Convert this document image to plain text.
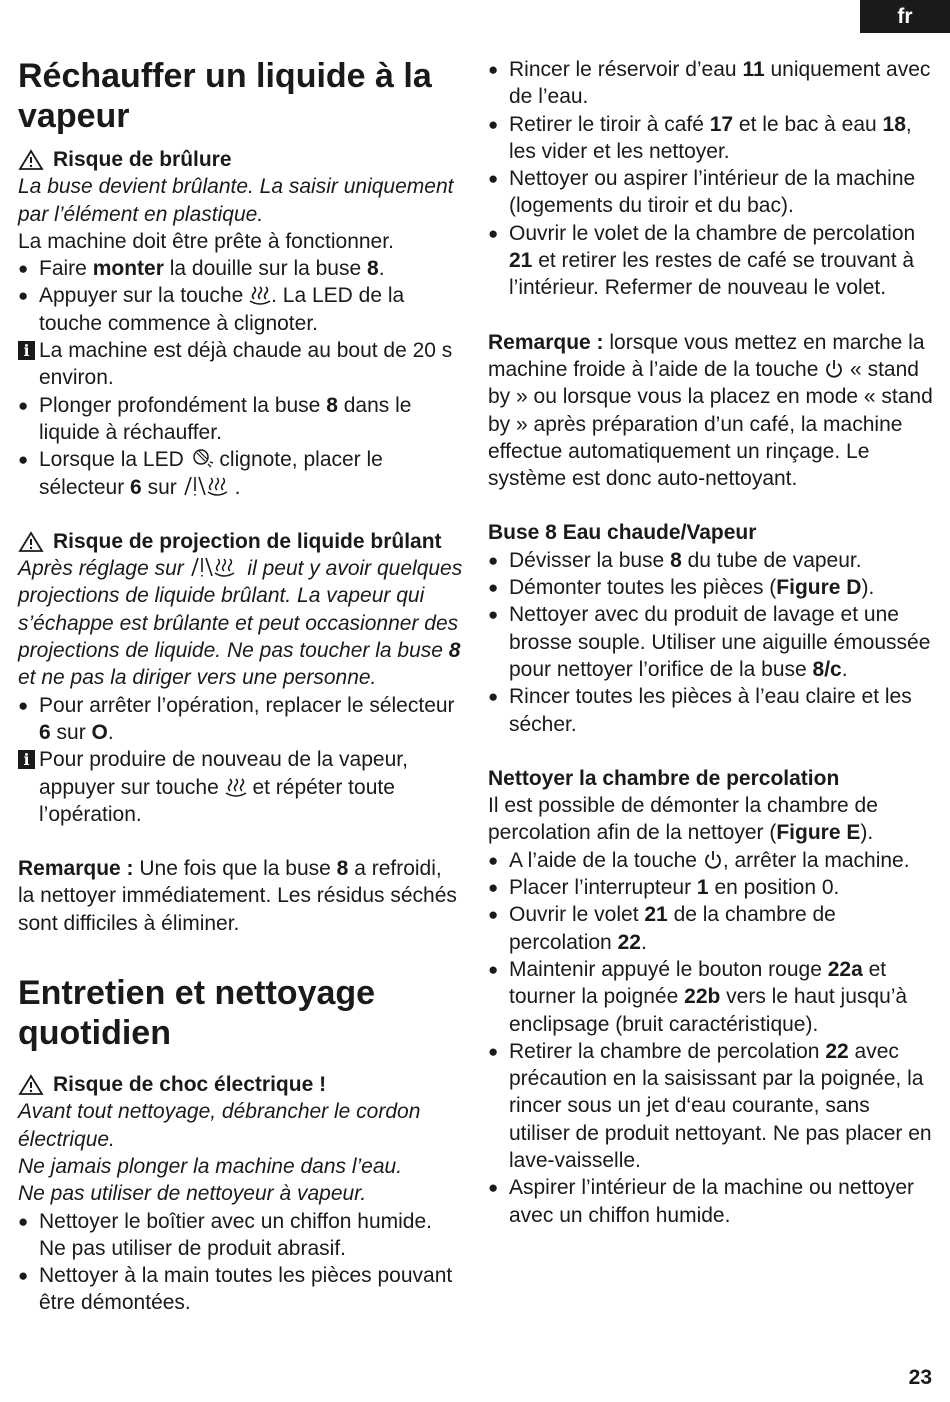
fr
Réchauffer un liquide à la vapeur
Risque de brûlure

La buse devient brûlante. La saisir uniquement par l’élément en plastique.

La machine doit être prête à fonctionner.

● Faire monter la douille sur la buse 8.
● Appuyer sur la touche . La LED de la touche commence à clignoter.
i La machine est déjà chaude au bout de 20 s environ.
● Plonger profondément la buse 8 dans le liquide à réchauffer.
● Lorsque la LED  clignote, placer le sélecteur 6 sur .
Risque de projection de liquide brûlant

Après réglage sur  il peut y avoir quelques projections de liquide brûlant. La vapeur qui s’échappe est brûlante et peut occasionner des projections de liquide. Ne pas toucher la buse 8 et ne pas la diriger vers une personne.

● Pour arrêter l’opération, replacer le sélecteur 6 sur O.
i Pour produire de nouveau de la vapeur, appuyer sur touche  et répéter toute l’opération.

Remarque : Une fois que la buse 8 a refroidi, la nettoyer immédiatement. Les résidus séchés sont difficiles à éliminer.

Entretien et nettoyage quotidien
Risque de choc électrique !

Avant tout nettoyage, débrancher le cordon électrique.

Ne jamais plonger la machine dans l’eau.

Ne pas utiliser de nettoyeur à vapeur.

● Nettoyer le boîtier avec un chiffon humide. Ne pas utiliser de produit abrasif.
● Nettoyer à la main toutes les pièces pouvant être démontées.
● Rincer le réservoir d’eau 11 uniquement avec de l’eau.
● Retirer le tiroir à café 17 et le bac à eau 18, les vider et les nettoyer.
● Nettoyer ou aspirer l’intérieur de la machine (logements du tiroir et du bac).
● Ouvrir le volet de la chambre de percolation 21 et retirer les restes de café se trouvant à l’intérieur. Refermer de nouveau le volet.

Remarque : lorsque vous mettez en marche la machine froide à l’aide de la touche  « stand by » ou lorsque vous la placez en mode « stand by » après préparation d’un café, la machine effectue automatiquement un rinçage. Le système est donc auto-nettoyant.

Buse 8 Eau chaude/Vapeur

● Dévisser la buse 8 du tube de vapeur.
● Démonter toutes les pièces (Figure D).
● Nettoyer avec du produit de lavage et une brosse souple. Utiliser une aiguille émoussée pour nettoyer l’orifice de la buse 8/c.
● Rincer toutes les pièces à l’eau claire et les sécher.

Nettoyer la chambre de percolation

Il est possible de démonter la chambre de percolation afin de la nettoyer (Figure E).

● A l’aide de la touche , arrêter la machine.
● Placer l’interrupteur 1 en position 0.
● Ouvrir le volet 21 de la chambre de percolation 22.
● Maintenir appuyé le bouton rouge 22a et tourner la poignée 22b vers le haut jusqu’à enclipsage (bruit caractéristique).
● Retirer la chambre de percolation 22 avec précaution en la saisissant par la poignée, la rincer sous un jet d‘eau courante, sans utiliser de produit nettoyant. Ne pas placer en lave-vaisselle.
● Aspirer l’intérieur de la machine ou nettoyer avec un chiffon humide.
23
